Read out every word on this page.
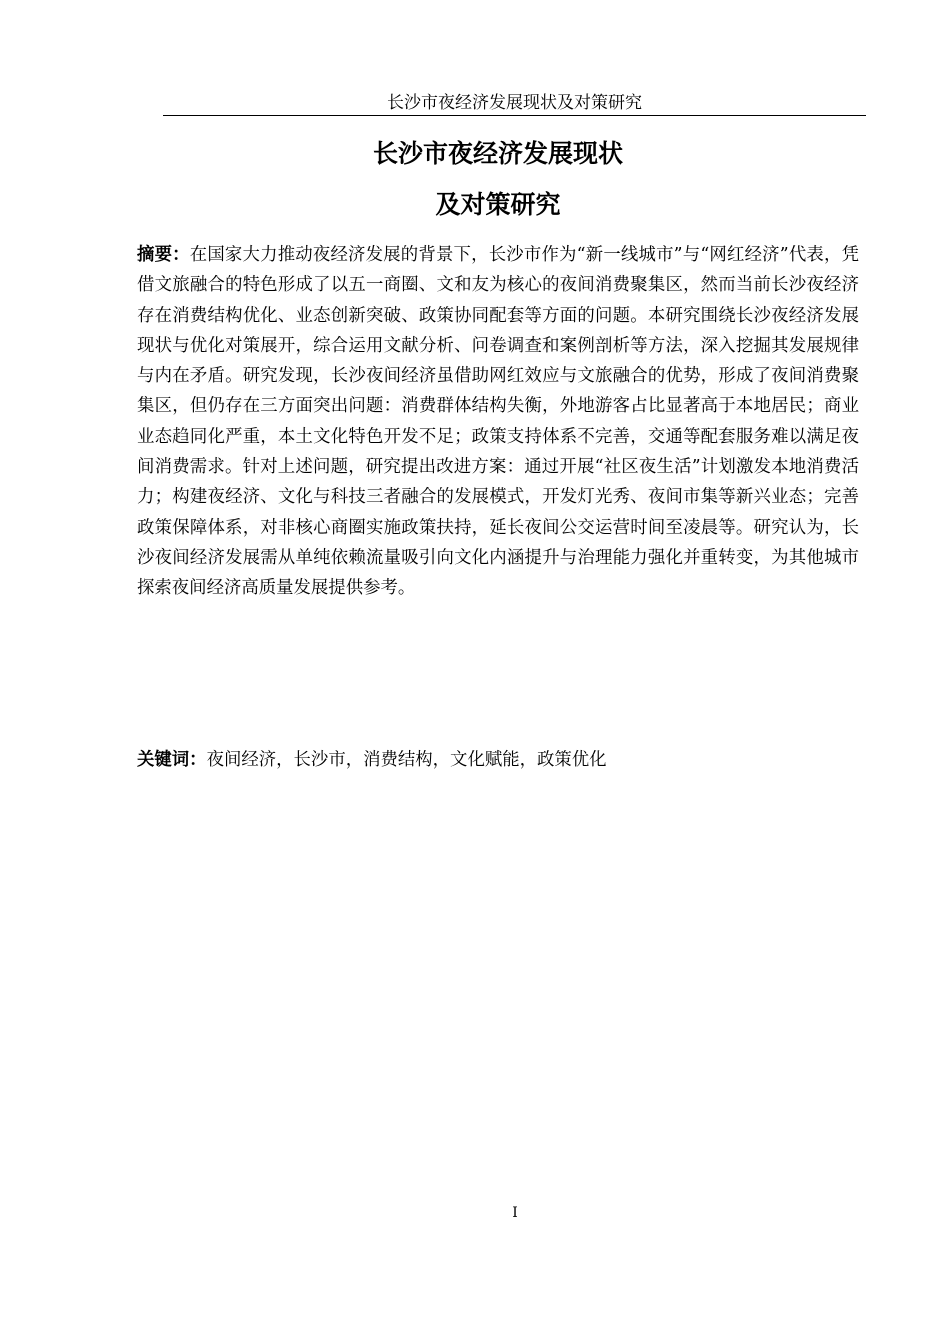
长沙市夜经济发展现状及对策研究
长沙市夜经济发展现状
及对策研究

摘要：在国家大力推动夜经济发展的背景下，长沙市作为“新一线城市”与“网红经济”代表，凭借文旅融合的特色形成了以五一商圈、文和友为核心的夜间消费聚集区，然而当前长沙夜经济存在消费结构优化、业态创新突破、政策协同配套等方面的问题。本研究围绕长沙夜经济发展现状与优化对策展开，综合运用文献分析、问卷调查和案例剖析等方法，深入挖掘其发展规律与内在矛盾。研究发现，长沙夜间经济虽借助网红效应与文旅融合的优势，形成了夜间消费聚集区，但仍存在三方面突出问题：消费群体结构失衡，外地游客占比显著高于本地居民；商业业态趋同化严重，本土文化特色开发不足；政策支持体系不完善，交通等配套服务难以满足夜间消费需求。针对上述问题，研究提出改进方案：通过开展“社区夜生活”计划激发本地消费活力；构建夜经济、文化与科技三者融合的发展模式，开发灯光秀、夜间市集等新兴业态；完善政策保障体系，对非核心商圈实施政策扶持，延长夜间公交运营时间至凌晨等。研究认为，长沙夜间经济发展需从单纯依赖流量吸引向文化内涵提升与治理能力强化并重转变，为其他城市探索夜间经济高质量发展提供参考。

关键词：夜间经济，长沙市，消费结构，文化赋能，政策优化

I
